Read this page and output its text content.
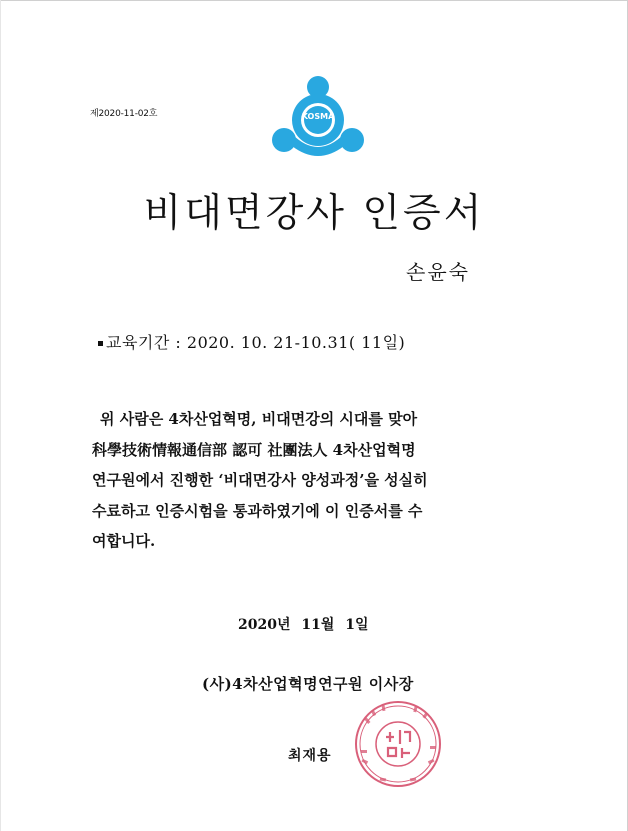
제2020-11-02호	KOSMA
비대면강사 인증서
손윤숙
교육기간 : 2020. 10. 21-10.31( 11일)
위 사람은 4차산업혁명, 비대면강의 시대를 맞아
科學技術情報通信部 認可 社團法人 4차산업혁명
연구원에서 진행한 ‘비대면강사 양성과정’을 성실히
수료하고 인증시험을 통과하였기에 이 인증서를 수
여합니다.
2020년 11월 1일
(사)4차산업혁명연구원 이사장
최재용
